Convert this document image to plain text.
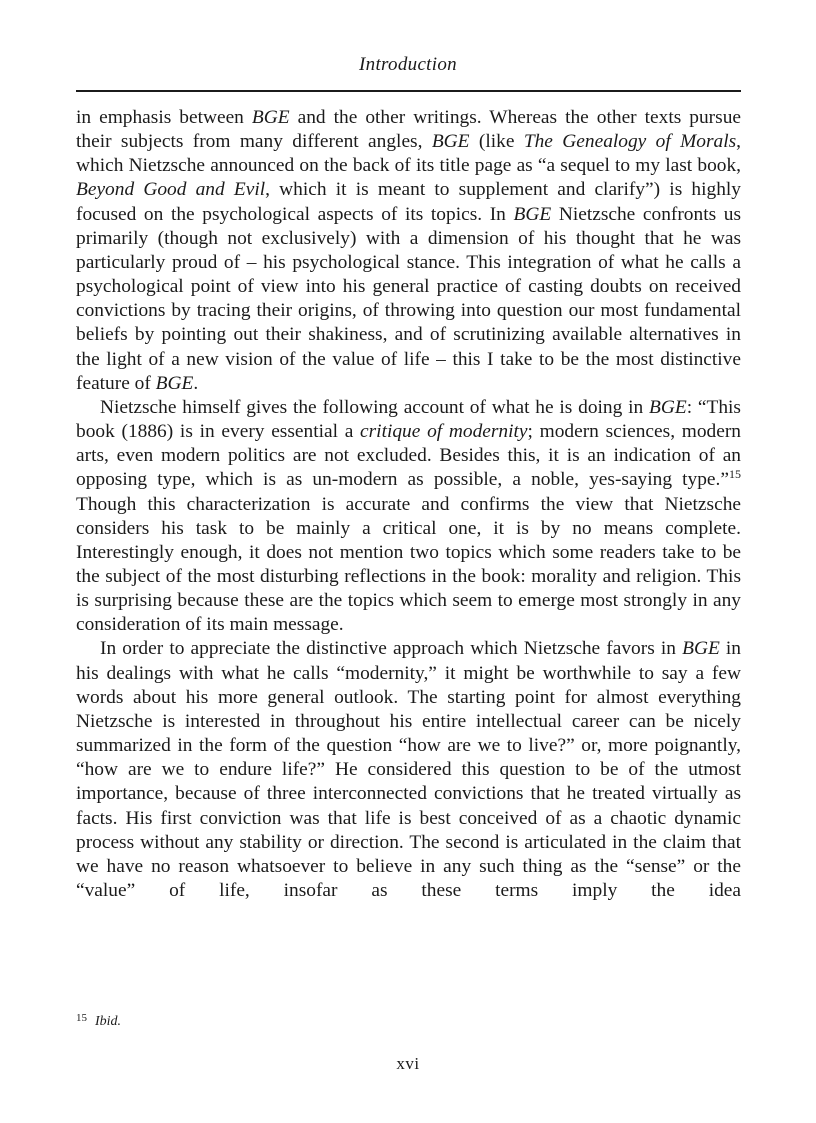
Introduction

in emphasis between BGE and the other writings. Whereas the other texts pursue their subjects from many different angles, BGE (like The Genealogy of Morals, which Nietzsche announced on the back of its title page as “a sequel to my last book, Beyond Good and Evil, which it is meant to supplement and clarify”) is highly focused on the psychological aspects of its topics. In BGE Nietzsche confronts us primarily (though not exclusively) with a dimension of his thought that he was particularly proud of – his psychological stance. This integration of what he calls a psychological point of view into his general practice of casting doubts on received convictions by tracing their origins, of throwing into question our most fundamental beliefs by pointing out their shakiness, and of scrutinizing available alternatives in the light of a new vision of the value of life – this I take to be the most distinctive feature of BGE.

Nietzsche himself gives the following account of what he is doing in BGE: “This book (1886) is in every essential a critique of modernity; modern sciences, modern arts, even modern politics are not excluded. Besides this, it is an indication of an opposing type, which is as un-modern as possible, a noble, yes-saying type.”$^{15}$ Though this characterization is accurate and confirms the view that Nietzsche considers his task to be mainly a critical one, it is by no means complete. Interestingly enough, it does not mention two topics which some readers take to be the subject of the most disturbing reflections in the book: morality and religion. This is surprising because these are the topics which seem to emerge most strongly in any consideration of its main message.

In order to appreciate the distinctive approach which Nietzsche favors in BGE in his dealings with what he calls “modernity,” it might be worthwhile to say a few words about his more general outlook. The starting point for almost everything Nietzsche is interested in throughout his entire intellectual career can be nicely summarized in the form of the question “how are we to live?” or, more poignantly, “how are we to endure life?” He considered this question to be of the utmost importance, because of three interconnected convictions that he treated virtually as facts. His first conviction was that life is best conceived of as a chaotic dynamic process without any stability or direction. The second is articulated in the claim that we have no reason whatsoever to believe in any such thing as the “sense” or the “value” of life, insofar as these terms imply the idea

$^{15}$ Ibid.
xvi
